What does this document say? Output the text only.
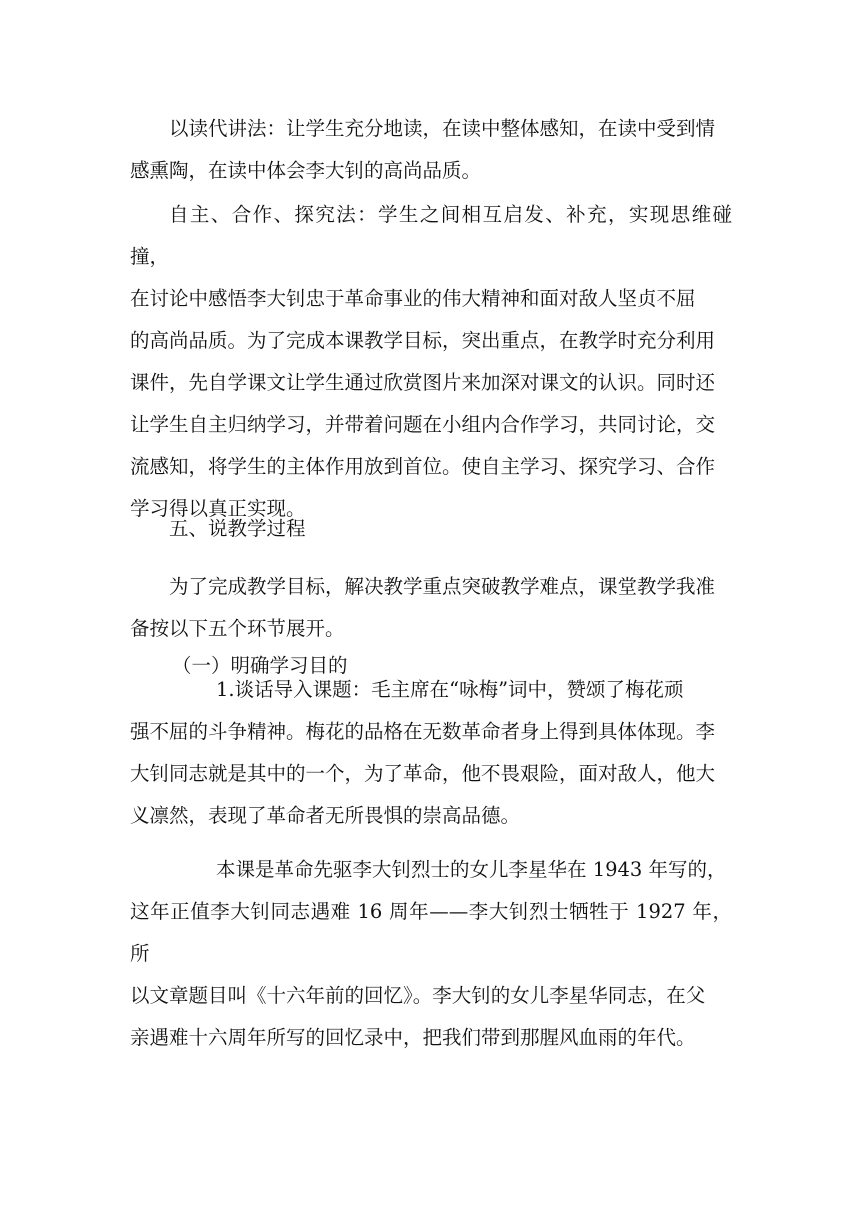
以读代讲法：让学生充分地读，在读中整体感知，在读中受到情
感熏陶，在读中体会李大钊的高尚品质。
自主、合作、探究法：学生之间相互启发、补充，实现思维碰撞，
在讨论中感悟李大钊忠于革命事业的伟大精神和面对敌人坚贞不屈
的高尚品质。为了完成本课教学目标，突出重点，在教学时充分利用
课件，先自学课文让学生通过欣赏图片来加深对课文的认识。同时还
让学生自主归纳学习，并带着问题在小组内合作学习，共同讨论，交
流感知，将学生的主体作用放到首位。使自主学习、探究学习、合作
学习得以真正实现。
五、说教学过程
为了完成教学目标，解决教学重点突破教学难点，课堂教学我准
备按以下五个环节展开。
（一）明确学习目的
1.谈话导入课题：毛主席在“咏梅”词中，赞颂了梅花顽
强不屈的斗争精神。梅花的品格在无数革命者身上得到具体体现。李
大钊同志就是其中的一个，为了革命，他不畏艰险，面对敌人，他大
义凛然，表现了革命者无所畏惧的崇高品德。
本课是革命先驱李大钊烈士的女儿李星华在 1943 年写的，
这年正值李大钊同志遇难 16 周年——李大钊烈士牺牲于 1927 年，所
以文章题目叫《十六年前的回忆》。李大钊的女儿李星华同志，在父
亲遇难十六周年所写的回忆录中，把我们带到那腥风血雨的年代。
